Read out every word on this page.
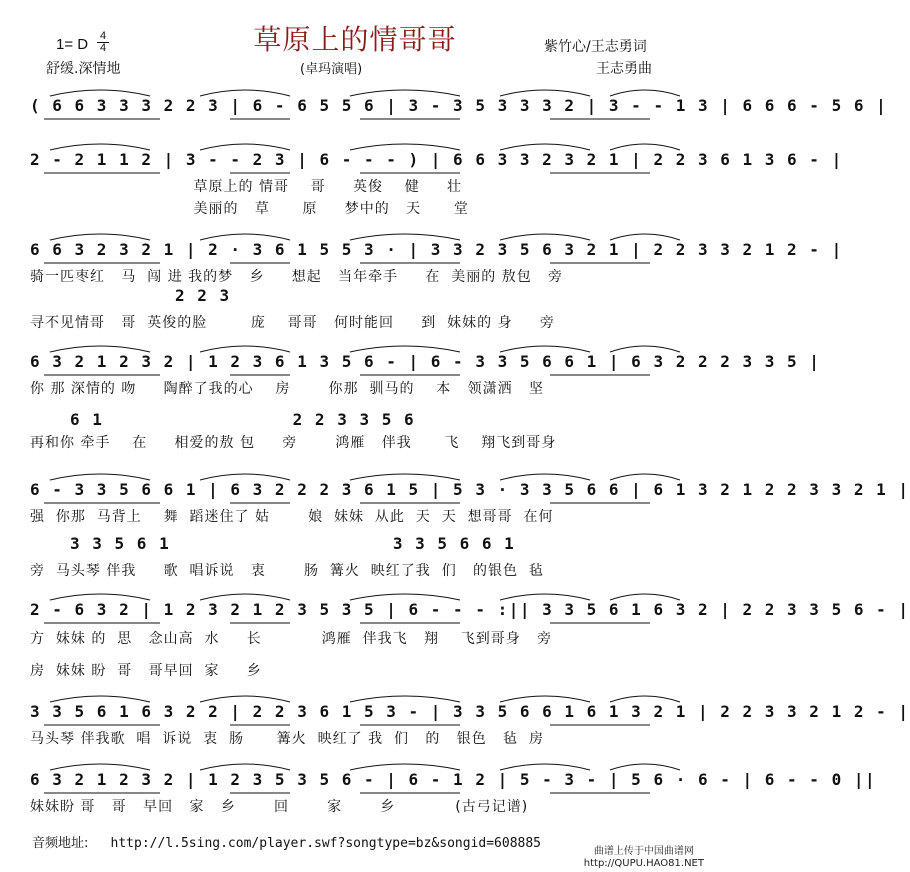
草原上的情哥哥
1= D 4
4
舒缓.深情地	(卓玛演唱)
紫竹心/王志勇词
王志勇曲
( 6 6 3 3 3 2 2 3 | 6 - 6 5 5 6 | 3 - 3 5 3 3 3 2 | 3 - - 1 3 | 6 6 6 - 5 6 |
2 - 2 1 1 2 | 3 - - 2 3 | 6 - - - ) | 6 6 3 3 2 3 2 1 | 2 2 3 6 1 3 6 - |
草原上的 情哥    哥     英俊    健     壮
美丽的   草      原     梦中的   天      堂
6 6 3 2 3 2 1 | 2 · 3 6 1 5 5 3 · | 3 3 2 3 5 6 3 2 1 | 2 2 3 3 2 1 2 - |
2 2 3
骑一匹枣红   马  闯 进 我的梦   乡     想起   当年牵手     在  美丽的 敖包   旁
寻不见情哥   哥  英俊的脸        庞    哥哥   何时能回     到  妹妹的 身     旁
6 3 2 1 2 3 2 | 1 2 3 6 1 3 5 6 - | 6 - 3 3 5 6 6 1 | 6 3 2 2 2 3 3 5 |
6 1                 2 2 3 3 5 6
你 那 深情的 吻     陶醉了我的心    房       你那  驯马的    本   领潇洒   坚
再和你 牵手    在     相爱的敖 包     旁       鸿雁   伴我      飞    翔飞到哥身
6 - 3 3 5 6 6 1 | 6 3 2 2 2 3 6 1 5 | 5 3 · 3 3 5 6 6 | 6 1 3 2 1 2 2 3 3 2 1 |
3 3 5 6 1                    3 3 5 6 6 1
强  你那  马背上    舞  蹈迷住了 姑       娘  妹妹  从此  天  天  想哥哥  在何
旁  马头琴 伴我     歌  唱诉说   衷       肠  篝火  映红了我  们   的银色  毡
2 - 6 3 2 | 1 2 3 2 1 2 3 5 3 5 | 6 - - - :|| 3 3 5 6 1 6 3 2 | 2 2 3 3 5 6 - |
方  妹妹 的  思   念山高  水     长           鸿雁  伴我飞   翔    飞到哥身   旁
房  妹妹 盼  哥   哥早回  家     乡
3 3 5 6 1 6 3 2 2 | 2 2 3 6 1 5 3 - | 3 3 5 6 6 1 6 1 3 2 1 | 2 2 3 3 2 1 2 - |
马头琴 伴我歌  唱  诉说  衷  肠      篝火  映红了 我  们   的   银色   毡  房
6 3 2 1 2 3 2 | 1 2 3 5 3 5 6 - | 6 - 1 2 | 5 - 3 - | 5 6 · 6 - | 6 - - 0 ||
妹妹盼 哥   哥   早回   家   乡       回       家       乡           (古弓记谱)
音频地址: http://l.5sing.com/player.swf?songtype=bz&songid=608885
曲谱上传于中国曲谱网
http://QUPU.HAO81.NET
